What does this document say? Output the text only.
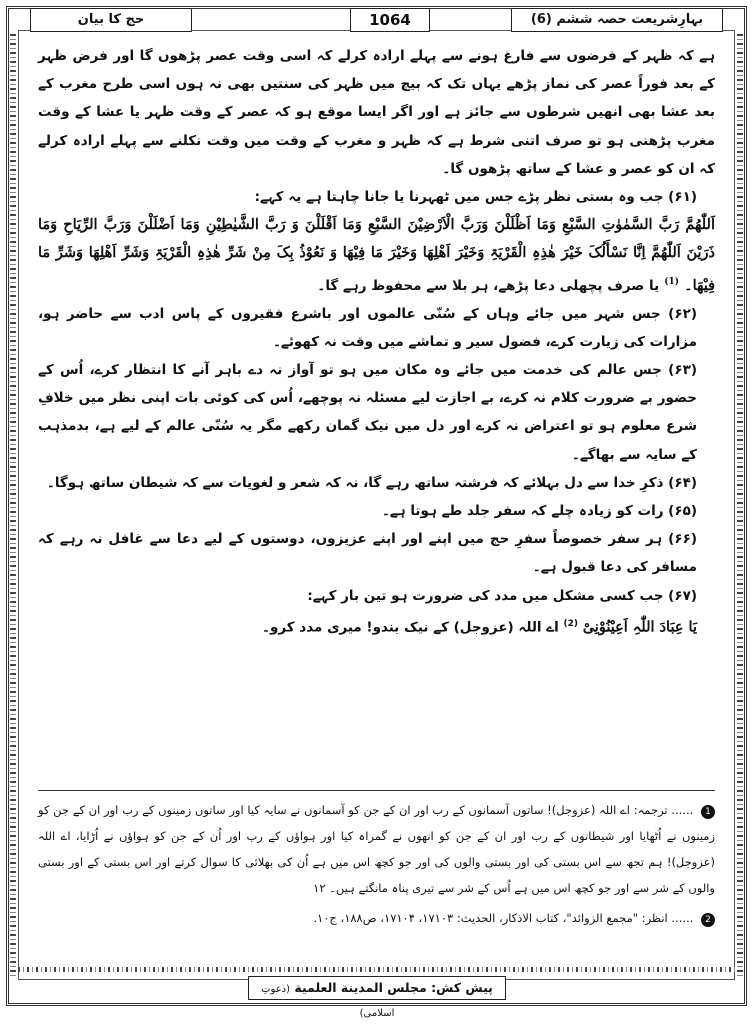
بہارِشریعت حصہ ششم (6)
1064
حج کا بیان

ہے کہ ظہر کے فرضوں سے فارغ ہونے سے پہلے ارادہ کرلے کہ اسی وقت عصر پڑھوں گا اور فرض ظہر کے بعد فوراً عصر کی نماز پڑھے یہاں تک کہ بیچ میں ظہر کی سنتیں بھی نہ ہوں اسی طرح مغرب کے بعد عشا بھی انھیں شرطوں سے جائز ہے اور اگر ایسا موقع ہو کہ عصر کے وقت ظہر یا عشا کے وقت مغرب پڑھنی ہو تو صرف اتنی شرط ہے کہ ظہر و مغرب کے وقت میں وقت نکلنے سے پہلے ارادہ کرلے کہ ان کو عصر و عشا کے ساتھ پڑھوں گا۔

(۶۱) جب وہ بستی نظر پڑے جس میں ٹھہرنا یا جانا چاہتا ہے یہ کہے:

اَللّٰھُمَّ رَبَّ السَّمٰوٰتِ السَّبْعِ وَمَا اَظْلَلْنَ وَرَبَّ الْاَرْضِیْنَ السَّبْعِ وَمَا اَقْلَلْنَ وَ رَبَّ الشَّیٰطِیْنِ وَمَا اَضْلَلْنَ وَرَبَّ الرِّیَاحِ وَمَا ذَرَیْنَ اَللّٰھُمَّ اِنَّا نَسْأَلُکَ خَیْرَ ھٰذِہِ الْقَرْیَۃِ وَخَیْرَ اَھْلِھَا وَخَیْرَ مَا فِیْھَا وَ نَعُوْذُ بِکَ مِنْ شَرِّ ھٰذِہِ الْقَرْیَۃِ وَشَرِّ اَھْلِھَا وَشَرِّ مَا فِیْھَا۔ $^{(1)}$ یا صرف پچھلی دعا پڑھے، ہر بلا سے محفوظ رہے گا۔

(۶۲) جس شہر میں جائے وہاں کے سُنّی عالموں اور باشرع فقیروں کے پاس ادب سے حاضر ہو، مزارات کی زیارت کرے، فضول سیر و تماشے میں وقت نہ کھوئے۔

(۶۳) جس عالم کی خدمت میں جائے وہ مکان میں ہو تو آواز نہ دے باہر آنے کا انتظار کرے، اُس کے حضور بے ضرورت کلام نہ کرے، بے اجازت لیے مسئلہ نہ پوچھے، اُس کی کوئی بات اپنی نظر میں خلافِ شرع معلوم ہو تو اعتراض نہ کرے اور دل میں نیک گمان رکھے مگر یہ سُنّی عالم کے لیے ہے، بدمذہب کے سایہ سے بھاگے۔

(۶۴) ذکرِ خدا سے دل بہلائے کہ فرشتہ ساتھ رہے گا، نہ کہ شعر و لغویات سے کہ شیطان ساتھ ہوگا۔

(۶۵) رات کو زیادہ چلے کہ سفر جلد طے ہوتا ہے۔

(۶۶) ہر سفر خصوصاً سفرِ حج میں اپنے اور اپنے عزیزوں، دوستوں کے لیے دعا سے غافل نہ رہے کہ مسافر کی دعا قبول ہے۔

(۶۷) جب کسی مشکل میں مدد کی ضرورت ہو تین بار کہے:

یَا عِبَادَ اللّٰہِ اَعِیْنُوْنِیْ $^{(2)}$ اے اللہ (عزوجل) کے نیک بندو! میری مدد کرو۔

1 ...... ترجمہ: اے اللہ (عزوجل)! ساتوں آسمانوں کے رب اور ان کے جن کو آسمانوں نے سایہ کیا اور ساتوں زمینوں کے رب اور ان کے جن کو زمینوں نے اُٹھایا اور شیطانوں کے رب اور ان کے جن کو انھوں نے گمراہ کیا اور ہواؤں کے رب اور اُن کے جن کو ہواؤں نے اُڑایا، اے اللہ (عزوجل)! ہم تجھ سے اس بستی کی اور بستی والوں کی اور جو کچھ اس میں ہے اُن کی بھلائی کا سوال کرتے اور اس بستی کے اور بستی والوں کے شر سے اور جو کچھ اس میں ہے اُس کے شر سے تیری پناہ مانگتے ہیں۔ ۱۲

2 ...... انظر: "مجمع الزوائد"، کتاب الاذکار، الحدیث: ۱۷۱۰۳، ۱۷۱۰۴، ص۱۸۸، ج۱۰.

پیش کش: مجلس المدينة العلمية (دعوتِ اسلامی)
